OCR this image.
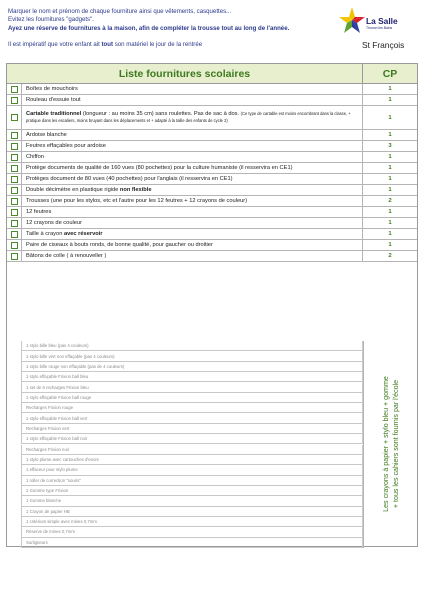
Marquer le nom et prénom de chaque fourniture ainsi que vêtements, casquettes...
Evitez les fournitures "gadgets".
Ayez une réserve de fournitures à la maison, afin de compléter la trousse tout au long de l'année.
Il est impératif que votre enfant ait tout son matériel le jour de la rentrée
La Salle
Thonon les Bains
St François
Liste fournitures scolaires	CP
Boîtes de mouchoirs	1
Rouleau d'essuie tout	1
Cartable traditionnel (longueur : au moins 35 cm) sans roulettes. Pas de sac à dos. (Ce type de cartable est moins encombrant dans la classe, + pratique dans les escaliers, moins bruyant dans les déplacements et + adapté à la taille des enfants de cycle 2)	1
Ardoise blanche	1
Feutres effaçables pour ardoise	3
Chiffon	1
Protège documents de qualité de 160 vues (80 pochettes) pour la culture humaniste (il resservira en CE1)	1
Protèges document de 80 vues (40 pochettes) pour l'anglais (il resservira en CE1)	1
Double décimètre en plastique rigide non flexible	1
Trousses (une pour les stylos, etc et l'autre pour les 12 feutres + 12 crayons de couleur)	2
12 feutres	1
12 crayons de couleur	1
Taille à crayon avec réservoir	1
Paire de ciseaux à bouts ronds, de bonne qualité, pour gaucher ou droitier	1
Bâtons de colle ( à renouveller )	2
1 stylo bille bleu (pas 4 couleurs)
1 stylo bille vert non effaçable (pas 4 couleurs)
1 stylo bille rouge non effaçable (pas de 4 couleurs)
1 stylo effaçable Frixion ball bleu
1 set de 6 recharges Frixion bleu
1 stylo effaçable Frixion ball rouge
Recharges Frixion rouge
1 stylo effaçable Frixion ball vert
Recharges Frixion vert
1 stylo effaçable Frixion ball noir
Recharges Frixion noir
1 stylo plume avec cartouches d'encre
1 effaceur pour stylo plume
1 roller de correction "souris"
1 Gomme type Frixion
1 Gomme blanche
1 Crayon de papier HB
1 critérium simple avec mines 0,7mm
Réserve de mines 0,7mm
Surligneurs
Les crayons à papier + stylo bleu + gomme + tous les cahiers sont fournis par l'école
